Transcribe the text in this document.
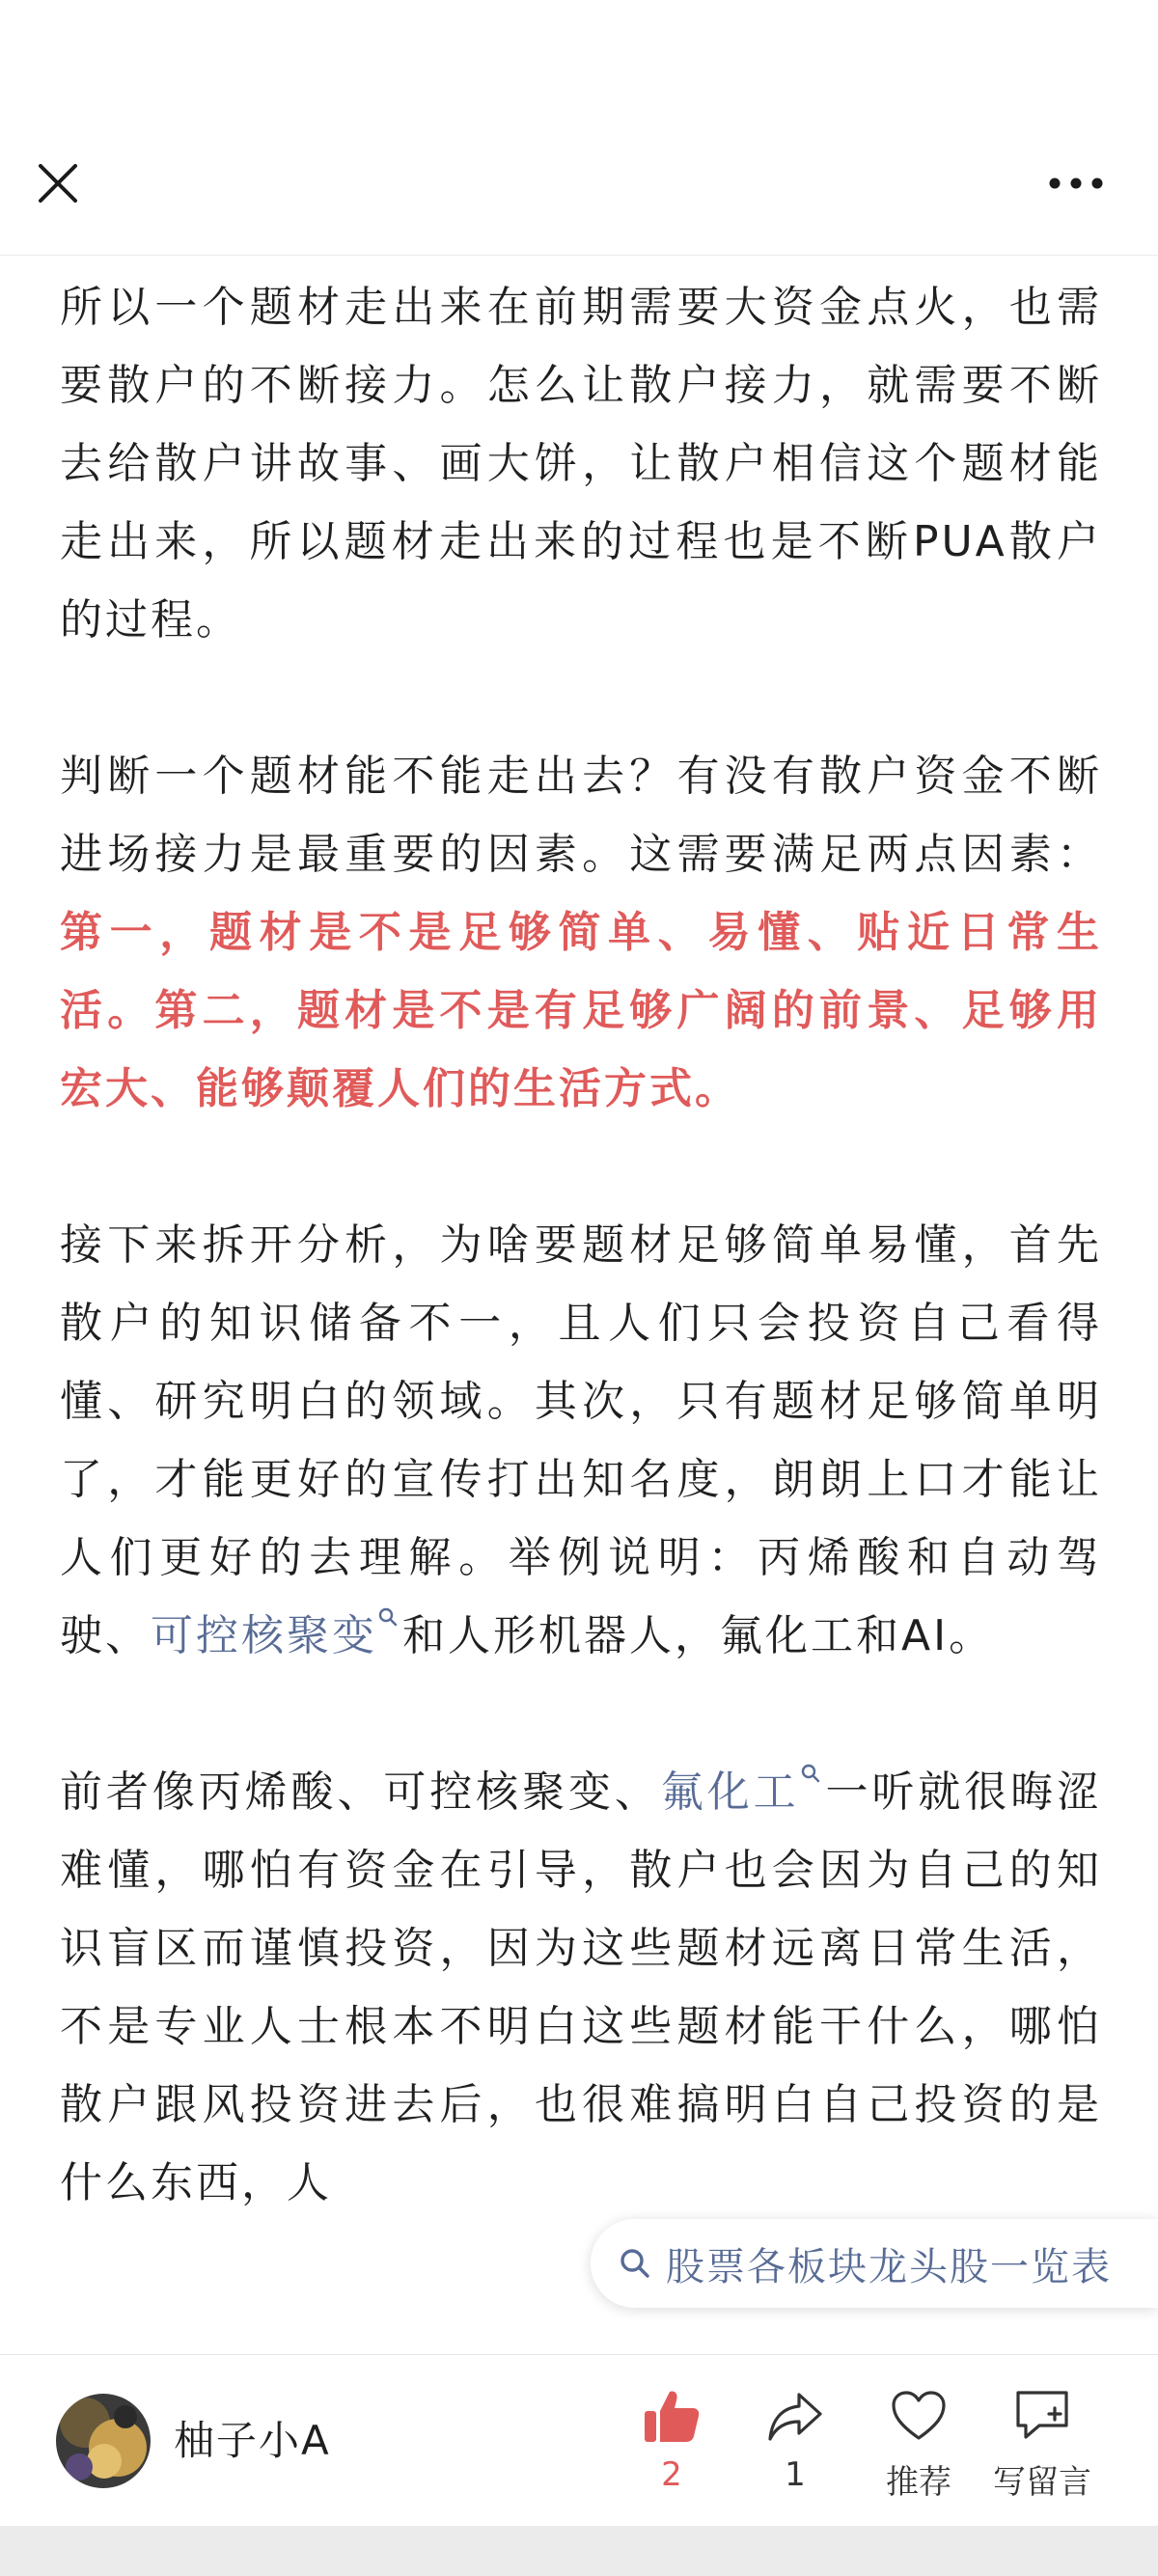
所以一个题材走出来在前期需要大资金点火，也需要散户的不断接力。怎么让散户接力，就需要不断去给散户讲故事、画大饼，让散户相信这个题材能走出来，所以题材走出来的过程也是不断PUA散户的过程。

判断一个题材能不能走出去？有没有散户资金不断进场接力是最重要的因素。这需要满足两点因素：第一，题材是不是足够简单、易懂、贴近日常生活。第二，题材是不是有足够广阔的前景、足够用宏大、能够颠覆人们的生活方式。

接下来拆开分析，为啥要题材足够简单易懂，首先散户的知识储备不一，且人们只会投资自己看得懂、研究明白的领域。其次，只有题材足够简单明了，才能更好的宣传打出知名度，朗朗上口才能让人们更好的去理解。举例说明：丙烯酸和自动驾驶、可控核聚变 和人形机器人，氟化工和AI。

前者像丙烯酸、可控核聚变、氟化工 一听就很晦涩难懂，哪怕有资金在引导，散户也会因为自己的知识盲区而谨慎投资，因为这些题材远离日常生活，不是专业人士根本不明白这些题材能干什么，哪怕散户跟风投资进去后，也很难搞明白自己投资的是什么东西，人

股票各板块龙头股一览表
柚子小A
2	1	推荐	写留言
